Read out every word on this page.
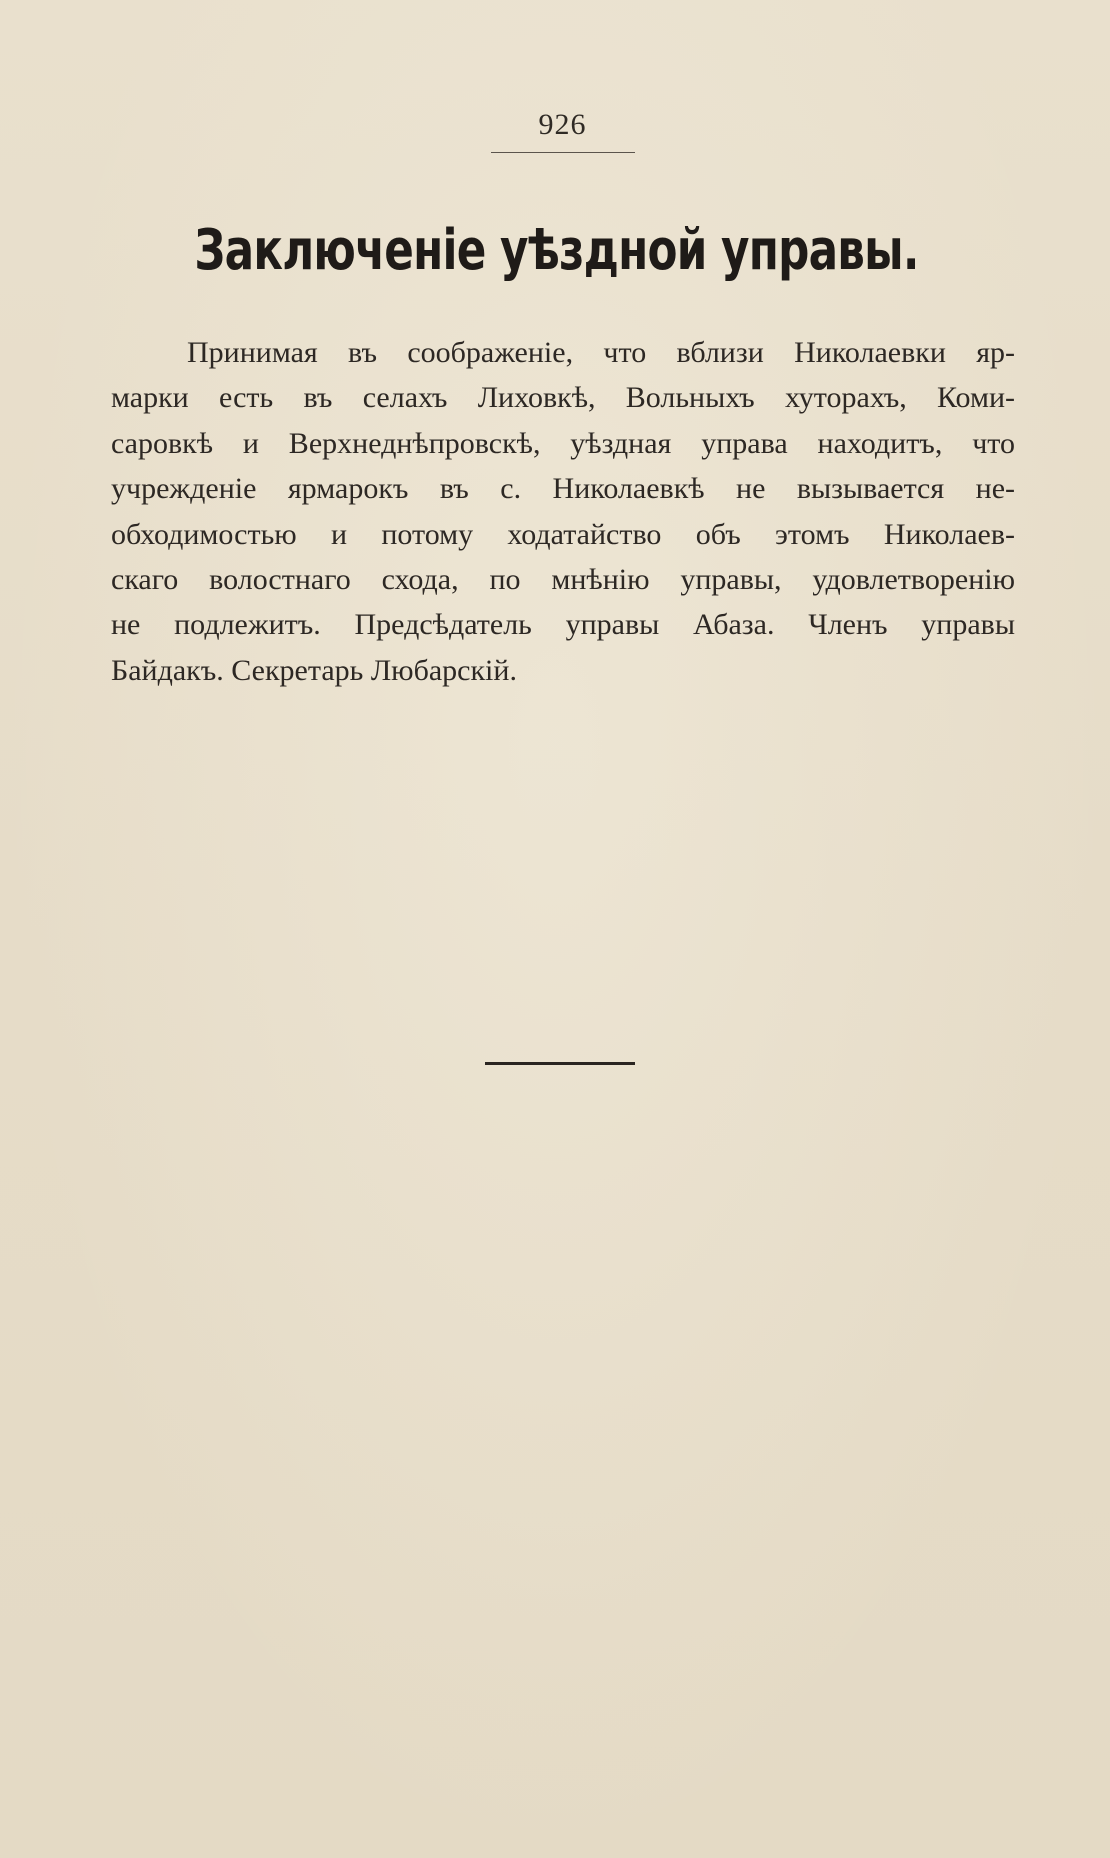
926
Заключеніе уѣздной управы.
Принимая въ соображеніе, что вблизи Николаевки яр-
марки есть въ селахъ Лиховкѣ, Вольныхъ хуторахъ, Коми-
саровкѣ и Верхнеднѣпровскѣ, уѣздная управа находитъ, что
учрежденіе ярмарокъ въ с. Николаевкѣ не вызывается не-
обходимостью и потому ходатайство объ этомъ Николаев-
скаго волостнаго схода, по мнѣнію управы, удовлетворенію
не подлежитъ. Предсѣдатель управы Абаза. Членъ управы
Байдакъ. Секретарь Любарскій.
